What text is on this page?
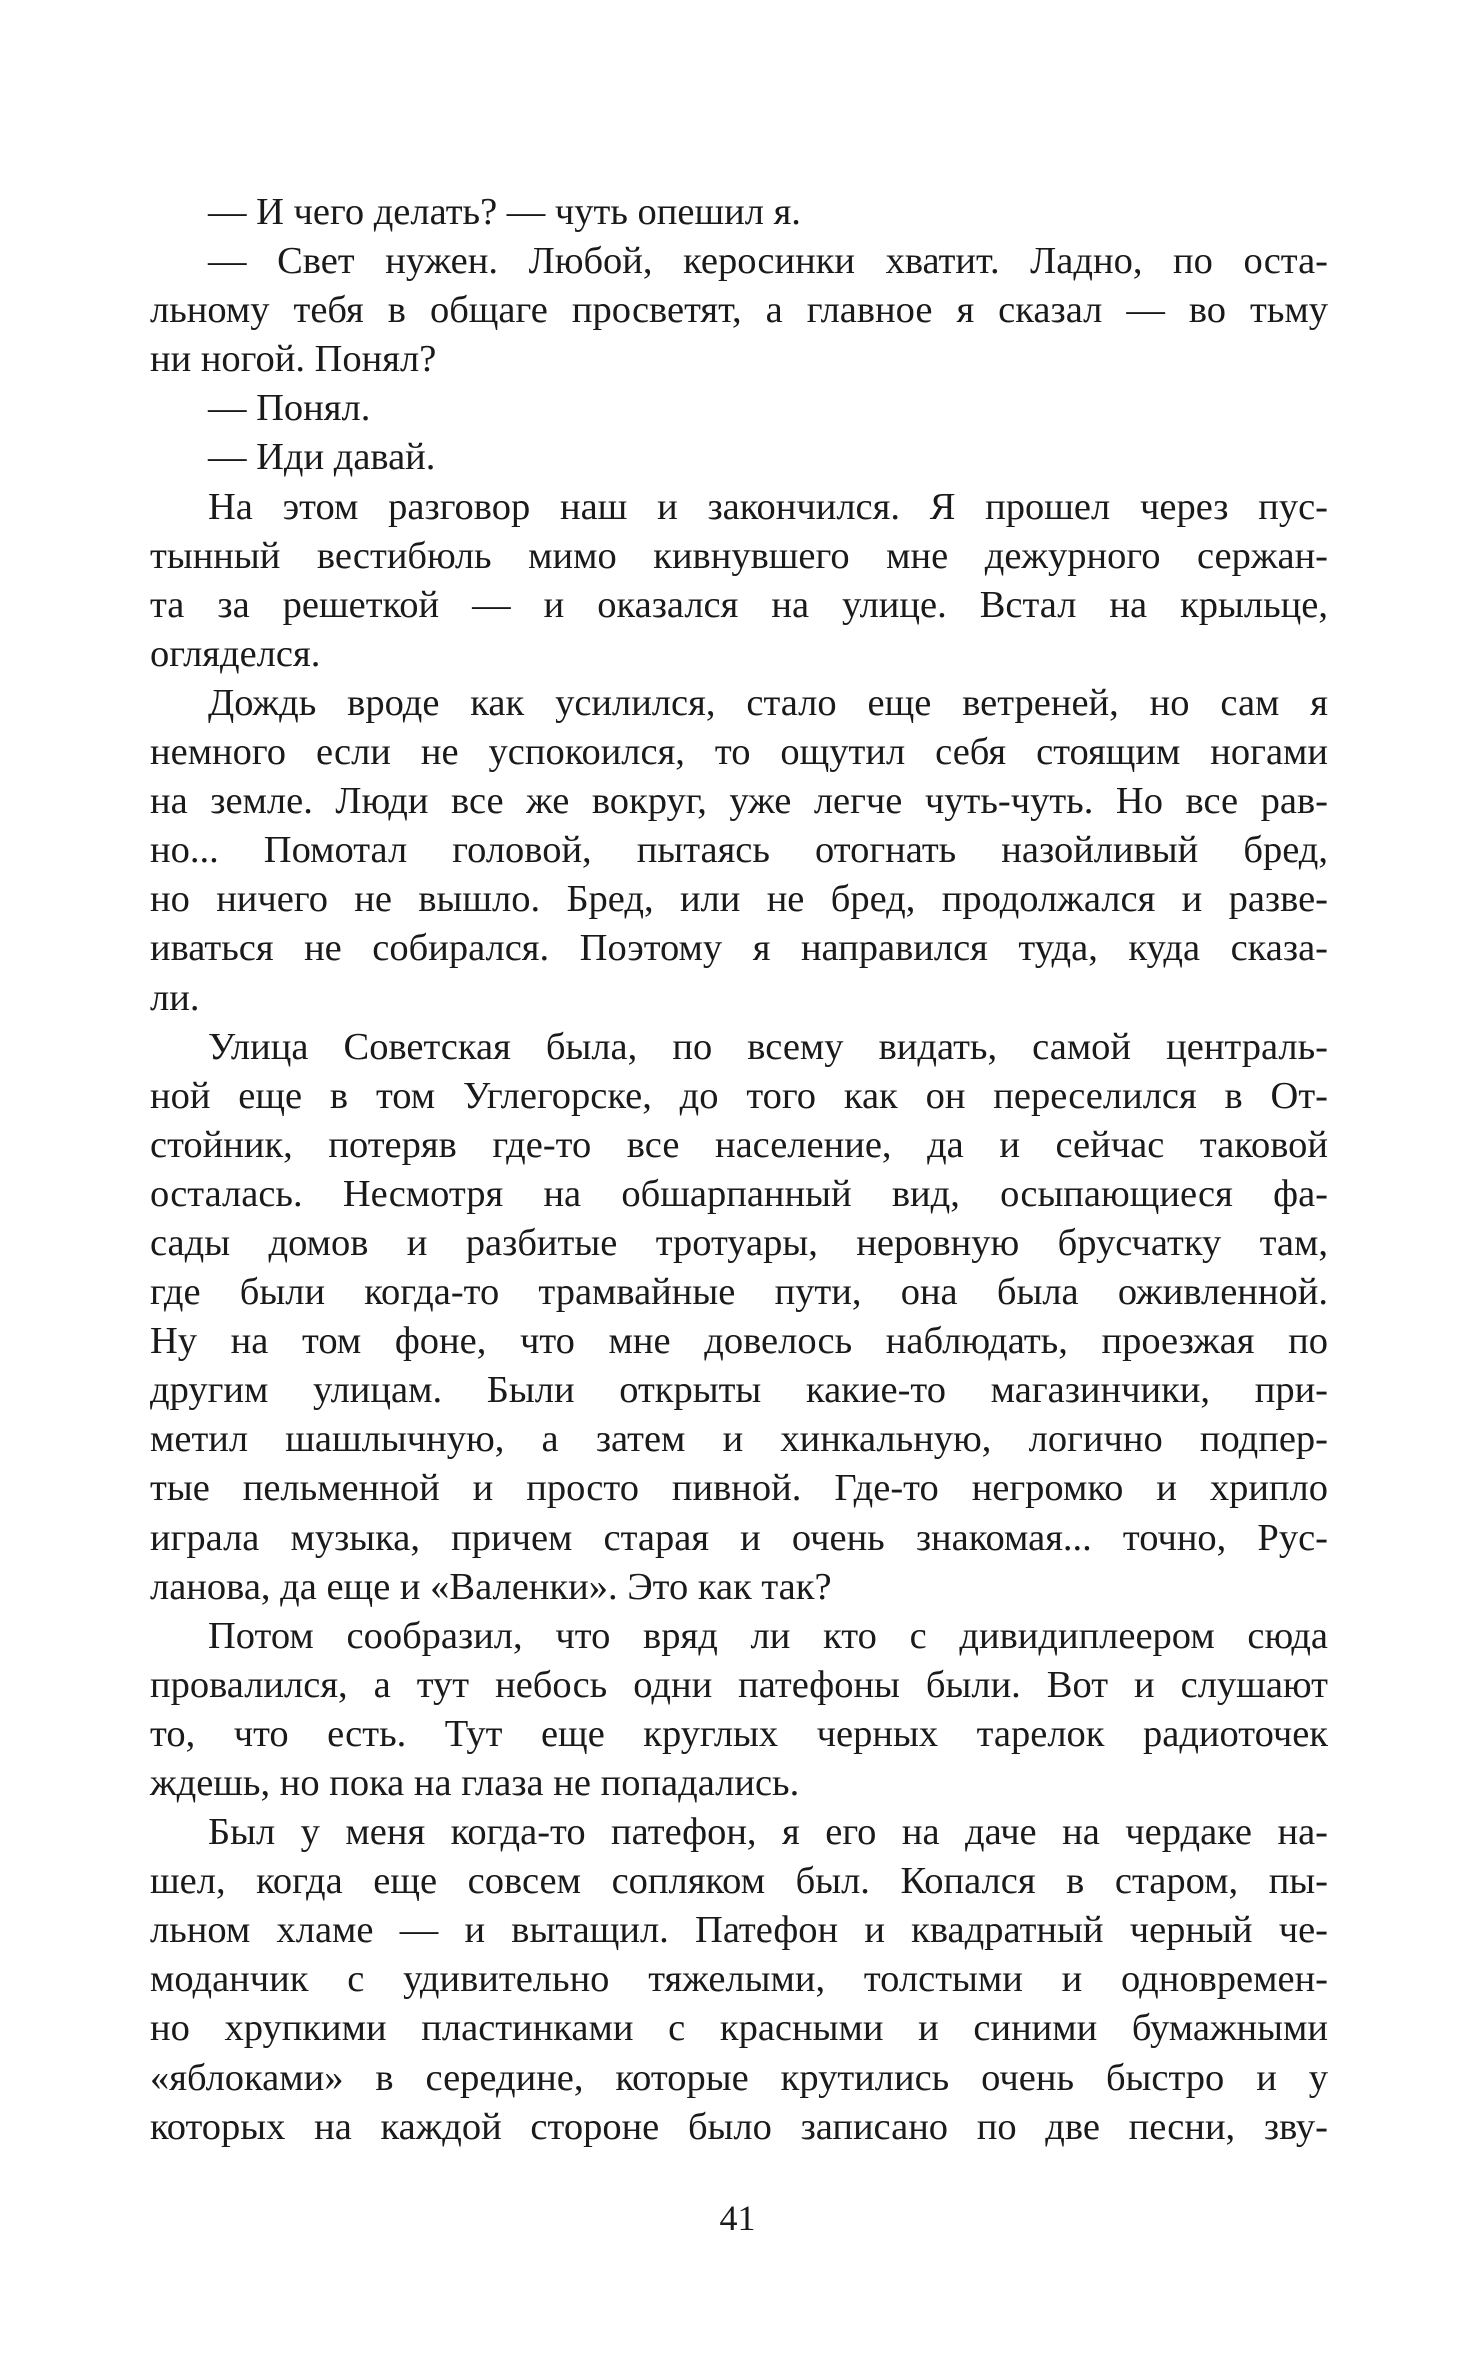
— И чего делать? — чуть опешил я.
— Свет нужен. Любой, керосинки хватит. Ладно, по оста-
льному тебя в общаге просветят, а главное я сказал — во тьму
ни ногой. Понял?
— Понял.
— Иди давай.
На этом разговор наш и закончился. Я прошел через пус-
тынный вестибюль мимо кивнувшего мне дежурного сержан-
та за решеткой — и оказался на улице. Встал на крыльце,
огляделся.
Дождь вроде как усилился, стало еще ветреней, но сам я
немного если не успокоился, то ощутил себя стоящим ногами
на земле. Люди все же вокруг, уже легче чуть-чуть. Но все рав-
но... Помотал головой, пытаясь отогнать назойливый бред,
но ничего не вышло. Бред, или не бред, продолжался и разве-
иваться не собирался. Поэтому я направился туда, куда сказа-
ли.
Улица Советская была, по всему видать, самой централь-
ной еще в том Углегорске, до того как он переселился в От-
стойник, потеряв где-то все население, да и сейчас таковой
осталась. Несмотря на обшарпанный вид, осыпающиеся фа-
сады домов и разбитые тротуары, неровную брусчатку там,
где были когда-то трамвайные пути, она была оживленной.
Ну на том фоне, что мне довелось наблюдать, проезжая по
другим улицам. Были открыты какие-то магазинчики, при-
метил шашлычную, а затем и хинкальную, логично подпер-
тые пельменной и просто пивной. Где-то негромко и хрипло
играла музыка, причем старая и очень знакомая... точно, Рус-
ланова, да еще и «Валенки». Это как так?
Потом сообразил, что вряд ли кто с дивидиплеером сюда
провалился, а тут небось одни патефоны были. Вот и слушают
то, что есть. Тут еще круглых черных тарелок радиоточек
ждешь, но пока на глаза не попадались.
Был у меня когда-то патефон, я его на даче на чердаке на-
шел, когда еще совсем сопляком был. Копался в старом, пы-
льном хламе — и вытащил. Патефон и квадратный черный че-
моданчик с удивительно тяжелыми, толстыми и одновремен-
но хрупкими пластинками с красными и синими бумажными
«яблоками» в середине, которые крутились очень быстро и у
которых на каждой стороне было записано по две песни, зву-
41
